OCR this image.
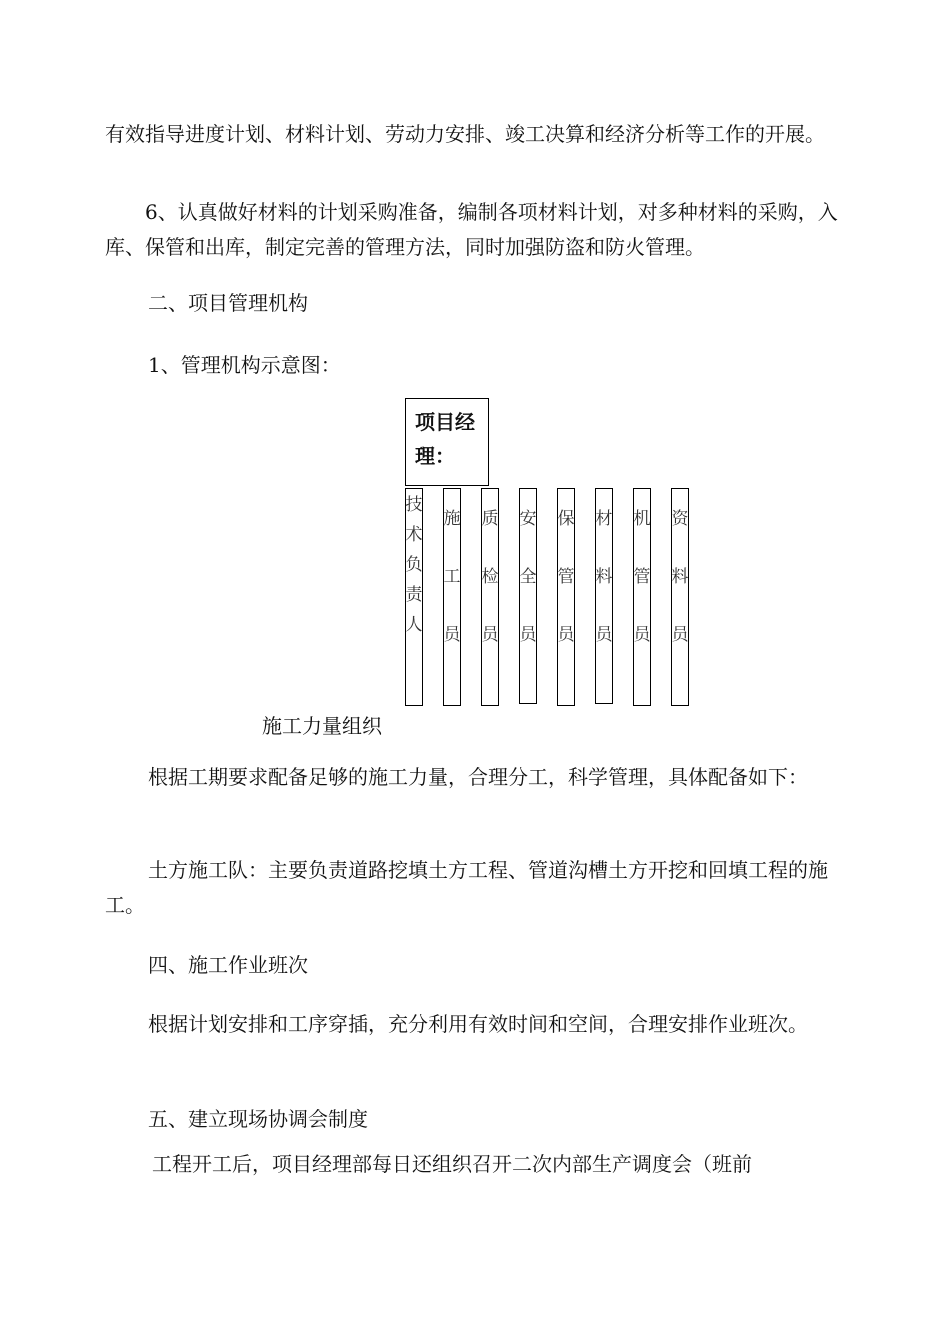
有效指导进度计划、材料计划、劳动力安排、竣工决算和经济分析等工作的开展。

6、认真做好材料的计划采购准备，编制各项材料计划，对多种材料的采购，入库、保管和出库，制定完善的管理方法，同时加强防盗和防火管理。

二、项目管理机构

1、管理机构示意图：

项目经理：
技
术
负
责
人
施
工
员
质
检
员
安
全
员
保
管
员
材
料
员
机
管
员
资
料
员

施工力量组织

根据工期要求配备足够的施工力量，合理分工，科学管理，具体配备如下：

土方施工队：主要负责道路挖填土方工程、管道沟槽土方开挖和回填工程的施工。

四、施工作业班次

根据计划安排和工序穿插，充分利用有效时间和空间，合理安排作业班次。

五、建立现场协调会制度

工程开工后，项目经理部每日还组织召开二次内部生产调度会（班前
